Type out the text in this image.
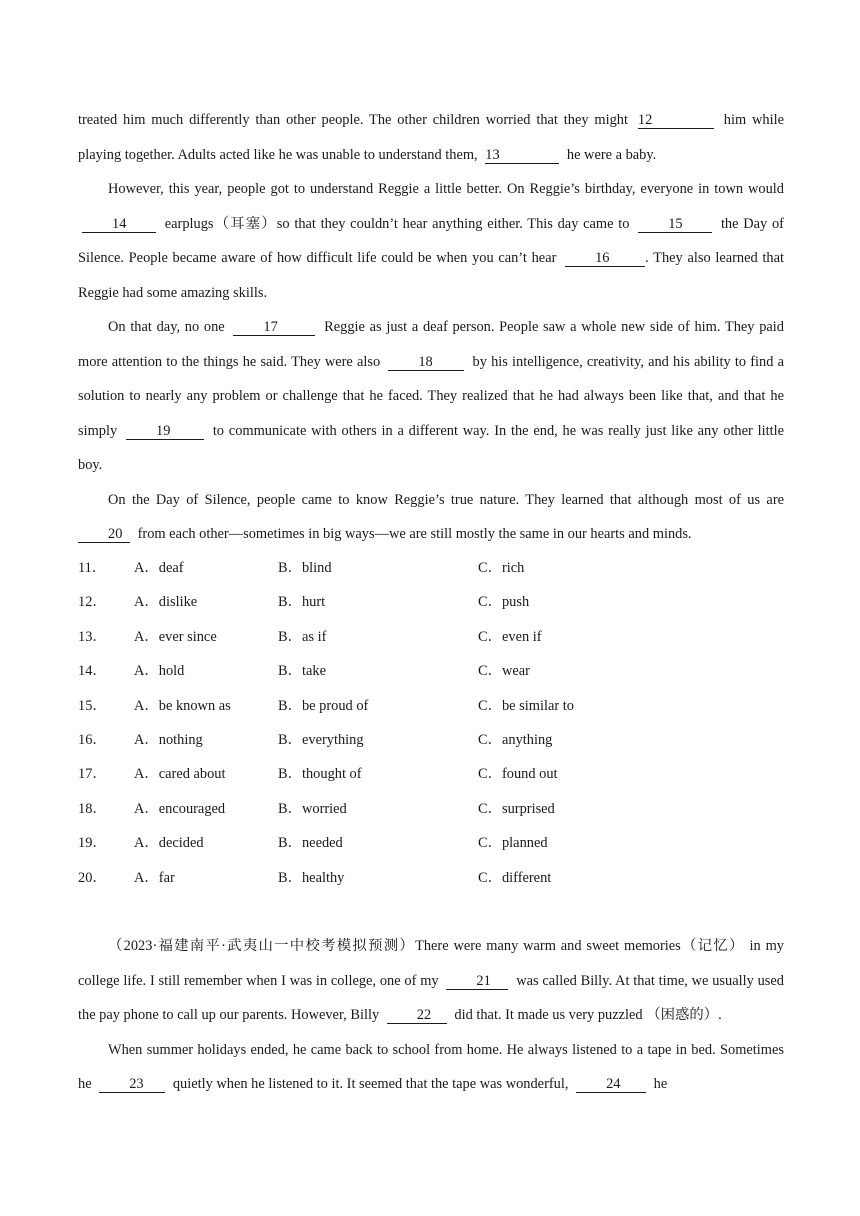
treated him much differently than other people. The other children worried that they might 12	him while playing together. Adults acted like he was unable to understand them, 13	he were a baby.

However, this year, people got to understand Reggie a little better. On Reggie’s birthday, everyone in town would 14	earplugs（耳塞）so that they couldn’t hear anything either. This day came to	15	the Day of Silence. People became aware of how difficult life could be when you can’t hear	16 . They also learned that Reggie had some amazing skills.

On that day, no one	17	Reggie as just a deaf person. People saw a whole new side of him. They paid more attention to the things he said. They were also	18	by his intelligence, creativity, and his ability to find a solution to nearly any problem or challenge that he faced. They realized that he had always been like that, and that he simply	19	to communicate with others in a different way. In the end, he was really just like any other little boy.

On the Day of Silence, people came to know Reggie’s true nature. They learned that although most of us are 20 from each other—sometimes in big ways—we are still mostly the same in our hearts and minds.

11． A．deaf	B．blind	C．rich
12． A．dislike	B．hurt	C．push
13． A．ever since	B．as if	C．even if
14． A．hold	B．take	C．wear
15． A．be known as	B．be proud of	C．be similar to
16． A．nothing	B．everything	C．anything
17． A．cared about	B．thought of	C．found out
18． A．encouraged	B．worried	C．surprised
19． A．decided	B．needed	C．planned
20． A．far	B．healthy	C．different

（2023·福建南平·武夷山一中校考模拟预测）There were many warm and sweet memories（记忆） in my college life. I still remember when I was in college, one of my	21 was called Billy. At that time, we usually used the pay phone to call up our parents. However, Billy	22 did that. It made us very puzzled （困惑的）.

When summer holidays ended, he came back to school from home. He always listened to a tape in bed. Sometimes he	23 quietly when he listened to it. It seemed that the tape was wonderful,	24 he
